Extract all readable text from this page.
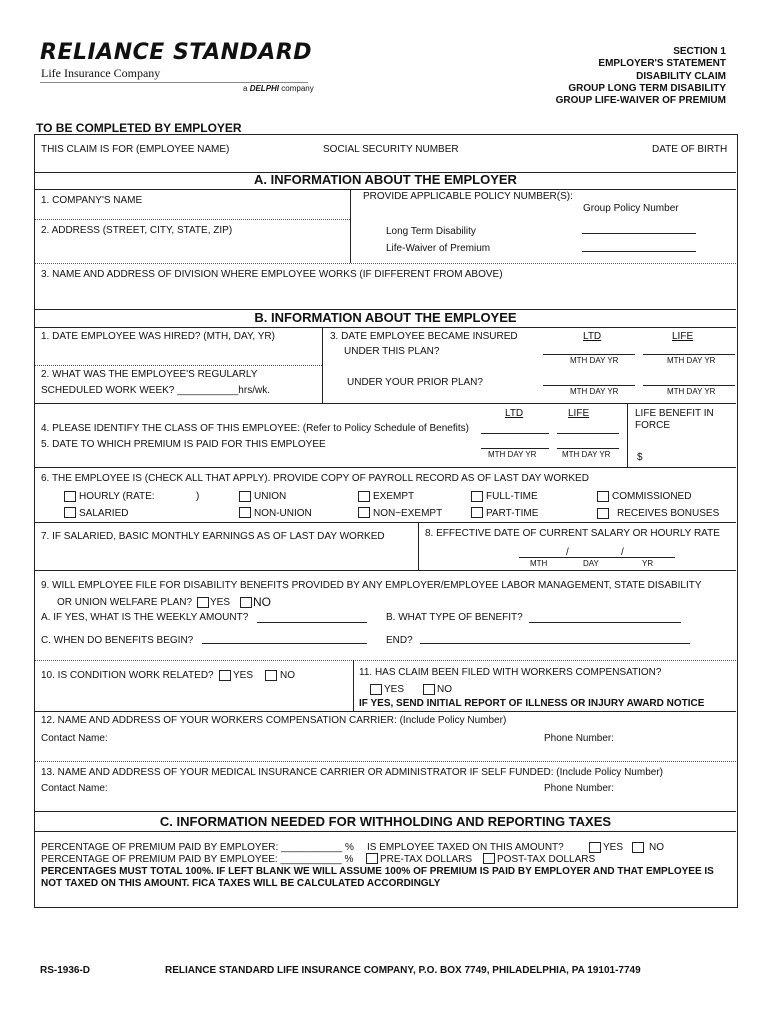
RELIANCE STANDARD
Life Insurance Company
a DELPHI company
SECTION 1
EMPLOYER'S STATEMENT
DISABILITY CLAIM
GROUP LONG TERM DISABILITY
GROUP LIFE-WAIVER OF PREMIUM
TO BE COMPLETED BY EMPLOYER
THIS CLAIM IS FOR (EMPLOYEE NAME)	SOCIAL SECURITY NUMBER	DATE OF BIRTH
A. INFORMATION ABOUT THE EMPLOYER
1. COMPANY'S NAME	PROVIDE APPLICABLE POLICY NUMBER(S):
Group Policy Number
2. ADDRESS (STREET, CITY, STATE, ZIP)	Long Term Disability
Life-Waiver of Premium
3. NAME AND ADDRESS OF DIVISION WHERE EMPLOYEE WORKS (IF DIFFERENT FROM ABOVE)
B. INFORMATION ABOUT THE EMPLOYEE
1. DATE EMPLOYEE WAS HIRED? (MTH, DAY, YR)	3. DATE EMPLOYEE BECAME INSURED
UNDER THIS PLAN?
LTD	LIFE
MTH DAY YR	MTH DAY YR
2. WHAT WAS THE EMPLOYEE'S REGULARLY
SCHEDULED WORK WEEK? ___________hrs/wk.
UNDER YOUR PRIOR PLAN?
MTH DAY YR	MTH DAY YR
LTD	LIFE	LIFE BENEFIT IN
FORCE
4. PLEASE IDENTIFY THE CLASS OF THIS EMPLOYEE: (Refer to Policy Schedule of Benefits)
5. DATE TO WHICH PREMIUM IS PAID FOR THIS EMPLOYEE
MTH DAY YR	MTH DAY YR	$
6. THE EMPLOYEE IS (CHECK ALL THAT APPLY). PROVIDE COPY OF PAYROLL RECORD AS OF LAST DAY WORKED
HOURLY (RATE:	)	UNION	EXEMPT	FULL-TIME	COMMISSIONED
SALARIED	NON-UNION	NON~EXEMPT	PART-TIME	RECEIVES BONUSES
7. IF SALARIED, BASIC MONTHLY EARNINGS AS OF LAST DAY WORKED	8. EFFECTIVE DATE OF CURRENT SALARY OR HOURLY RATE
/	/
MTH	DAY	YR
9. WILL EMPLOYEE FILE FOR DISABILITY BENEFITS PROVIDED BY ANY EMPLOYER/EMPLOYEE LABOR MANAGEMENT, STATE DISABILITY
OR UNION WELFARE PLAN? YES NO
A. IF YES, WHAT IS THE WEEKLY AMOUNT?	B. WHAT TYPE OF BENEFIT?
C. WHEN DO BENEFITS BEGIN?	END?
10. IS CONDITION WORK RELATED? YES	NO	11. HAS CLAIM BEEN FILED WITH WORKERS COMPENSATION?
YES	NO
IF YES, SEND INITIAL REPORT OF ILLNESS OR INJURY AWARD NOTICE
12. NAME AND ADDRESS OF YOUR WORKERS COMPENSATION CARRIER: (Include Policy Number)
Contact Name:	Phone Number:
13. NAME AND ADDRESS OF YOUR MEDICAL INSURANCE CARRIER OR ADMINISTRATOR IF SELF FUNDED: (Include Policy Number)
Contact Name:	Phone Number:
C. INFORMATION NEEDED FOR WITHHOLDING AND REPORTING TAXES
PERCENTAGE OF PREMIUM PAID BY EMPLOYER: ___________ % IS EMPLOYEE TAXED ON THIS AMOUNT?	YES	NO
PERCENTAGE OF PREMIUM PAID BY EMPLOYEE: ___________ %	PRE-TAX DOLLARS POST-TAX DOLLARS
PERCENTAGES MUST TOTAL 100%. IF LEFT BLANK WE WILL ASSUME 100% OF PREMIUM IS PAID BY EMPLOYER AND THAT EMPLOYEE IS
NOT TAXED ON THIS AMOUNT. FICA TAXES WILL BE CALCULATED ACCORDINGLY
RS-1936-D	RELIANCE STANDARD LIFE INSURANCE COMPANY, P.O. BOX 7749, PHILADELPHIA, PA 19101-7749
